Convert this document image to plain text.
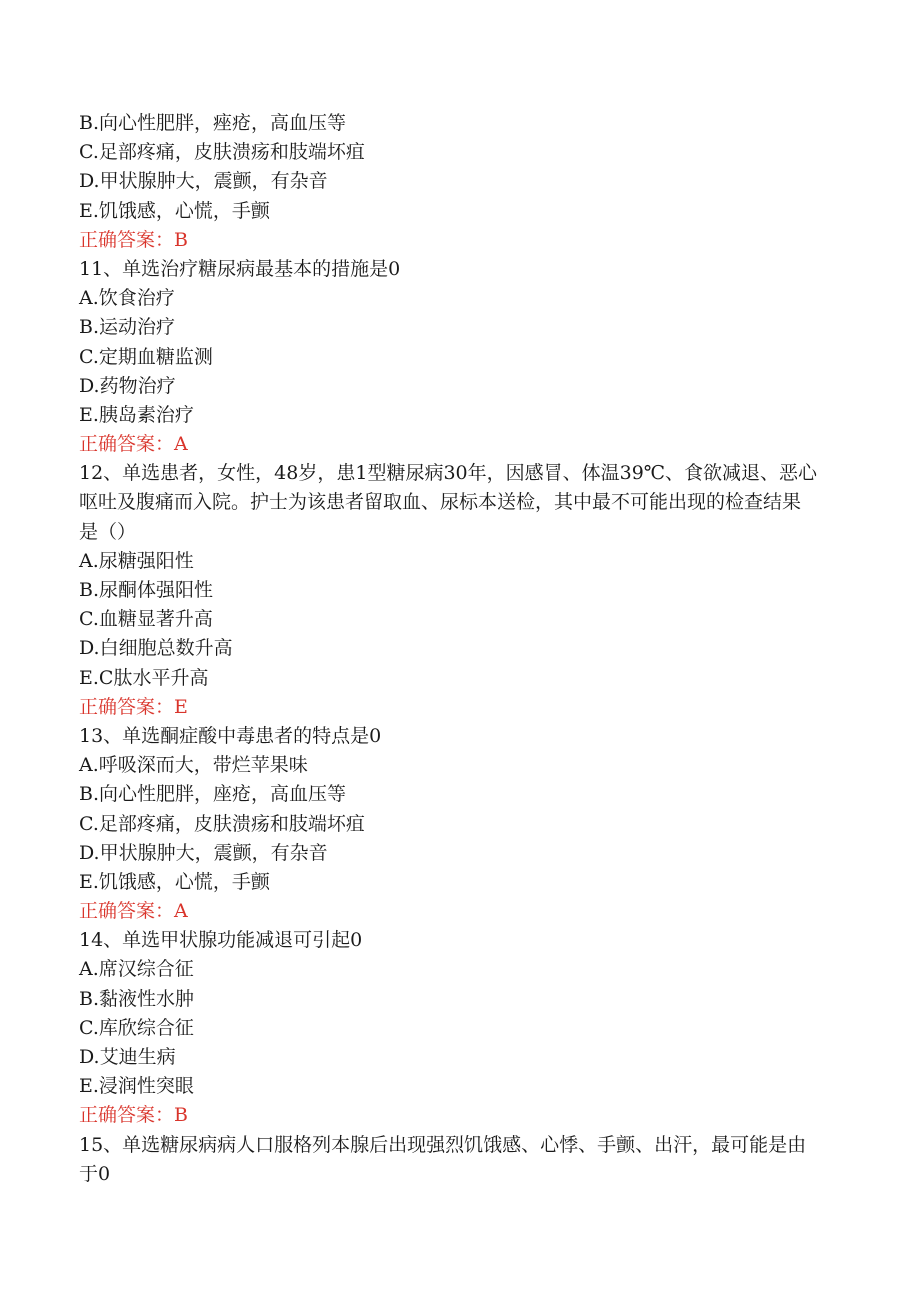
B.向心性肥胖，痤疮，高血压等
C.足部疼痛，皮肤溃疡和肢端坏疽
D.甲状腺肿大，震颤，有杂音
E.饥饿感，心慌，手颤
正确答案：B
11、单选治疗糖尿病最基本的措施是0
A.饮食治疗
B.运动治疗
C.定期血糖监测
D.药物治疗
E.胰岛素治疗
正确答案：A
12、单选患者，女性，48岁，患1型糖尿病30年，因感冒、体温39℃、食欲减退、恶心呕吐及腹痛而入院。护士为该患者留取血、尿标本送检，其中最不可能出现的检查结果是（）
A.尿糖强阳性
B.尿酮体强阳性
C.血糖显著升高
D.白细胞总数升高
E.C肽水平升高
正确答案：E
13、单选酮症酸中毒患者的特点是0
A.呼吸深而大，带烂苹果味
B.向心性肥胖，座疮，高血压等
C.足部疼痛，皮肤溃疡和肢端坏疽
D.甲状腺肿大，震颤，有杂音
E.饥饿感，心慌，手颤
正确答案：A
14、单选甲状腺功能减退可引起0
A.席汉综合征
B.黏液性水肿
C.库欣综合征
D.艾迪生病
E.浸润性突眼
正确答案：B
15、单选糖尿病病人口服格列本腺后出现强烈饥饿感、心悸、手颤、出汗，最可能是由于0
